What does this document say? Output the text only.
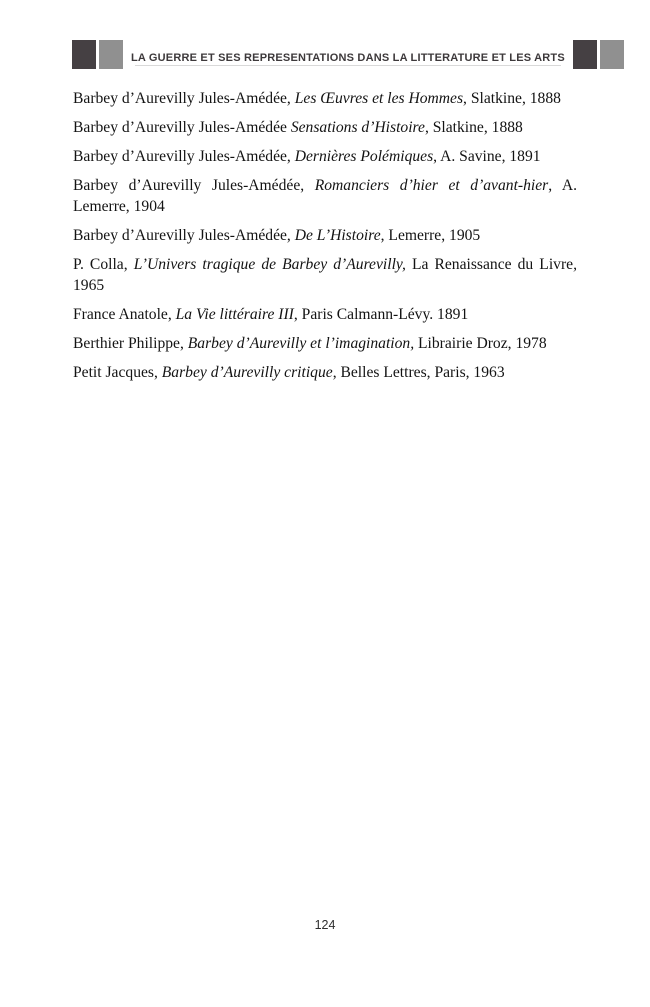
LA GUERRE ET SES REPRESENTATIONS DANS LA LITTERATURE ET LES ARTS

Barbey d’Aurevilly Jules-Amédée, Les Œuvres et les Hommes, Slatkine, 1888

Barbey d’Aurevilly Jules-Amédée Sensations d’Histoire, Slatkine, 1888

Barbey d’Aurevilly Jules-Amédée, Dernières Polémiques, A. Savine, 1891

Barbey d’Aurevilly Jules-Amédée, Romanciers d’hier et d’avant-hier, A. Lemerre, 1904

Barbey d’Aurevilly Jules-Amédée, De L’Histoire, Lemerre, 1905

P. Colla, L’Univers tragique de Barbey d’Aurevilly, La Renaissance du Livre, 1965

France Anatole, La Vie littéraire III, Paris Calmann-Lévy. 1891

Berthier Philippe, Barbey d’Aurevilly et l’imagination, Librairie Droz, 1978

Petit Jacques, Barbey d’Aurevilly critique, Belles Lettres, Paris, 1963

124
